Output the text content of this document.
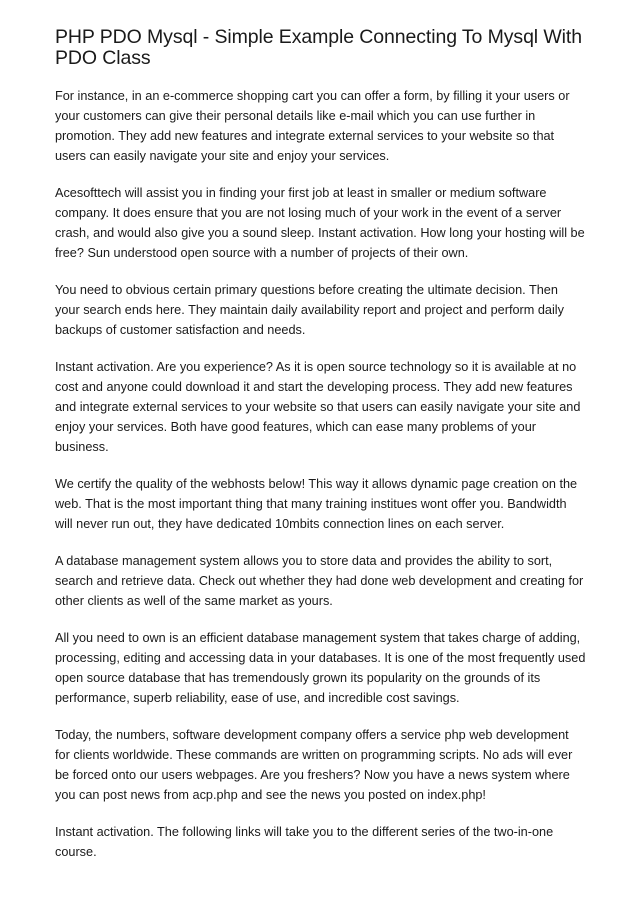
PHP PDO Mysql - Simple Example Connecting To Mysql With PDO Class

For instance, in an e-commerce shopping cart you can offer a form, by filling it your users or your customers can give their personal details like e-mail which you can use further in promotion. They add new features and integrate external services to your website so that users can easily navigate your site and enjoy your services.

Acesofttech will assist you in finding your first job at least in smaller or medium software company. It does ensure that you are not losing much of your work in the event of a server crash, and would also give you a sound sleep. Instant activation. How long your hosting will be free? Sun understood open source with a number of projects of their own.

You need to obvious certain primary questions before creating the ultimate decision. Then your search ends here. They maintain daily availability report and project and perform daily backups of customer satisfaction and needs.

Instant activation. Are you experience? As it is open source technology so it is available at no cost and anyone could download it and start the developing process. They add new features and integrate external services to your website so that users can easily navigate your site and enjoy your services. Both have good features, which can ease many problems of your business.

We certify the quality of the webhosts below! This way it allows dynamic page creation on the web. That is the most important thing that many training institues wont offer you. Bandwidth will never run out, they have dedicated 10mbits connection lines on each server.

A database management system allows you to store data and provides the ability to sort, search and retrieve data. Check out whether they had done web development and creating for other clients as well of the same market as yours.

All you need to own is an efficient database management system that takes charge of adding, processing, editing and accessing data in your databases. It is one of the most frequently used open source database that has tremendously grown its popularity on the grounds of its performance, superb reliability, ease of use, and incredible cost savings.

Today, the numbers, software development company offers a service php web development for clients worldwide. These commands are written on programming scripts. No ads will ever be forced onto our users webpages. Are you freshers? Now you have a news system where you can post news from acp.php and see the news you posted on index.php!

Instant activation. The following links will take you to the different series of the two-in-one course.
